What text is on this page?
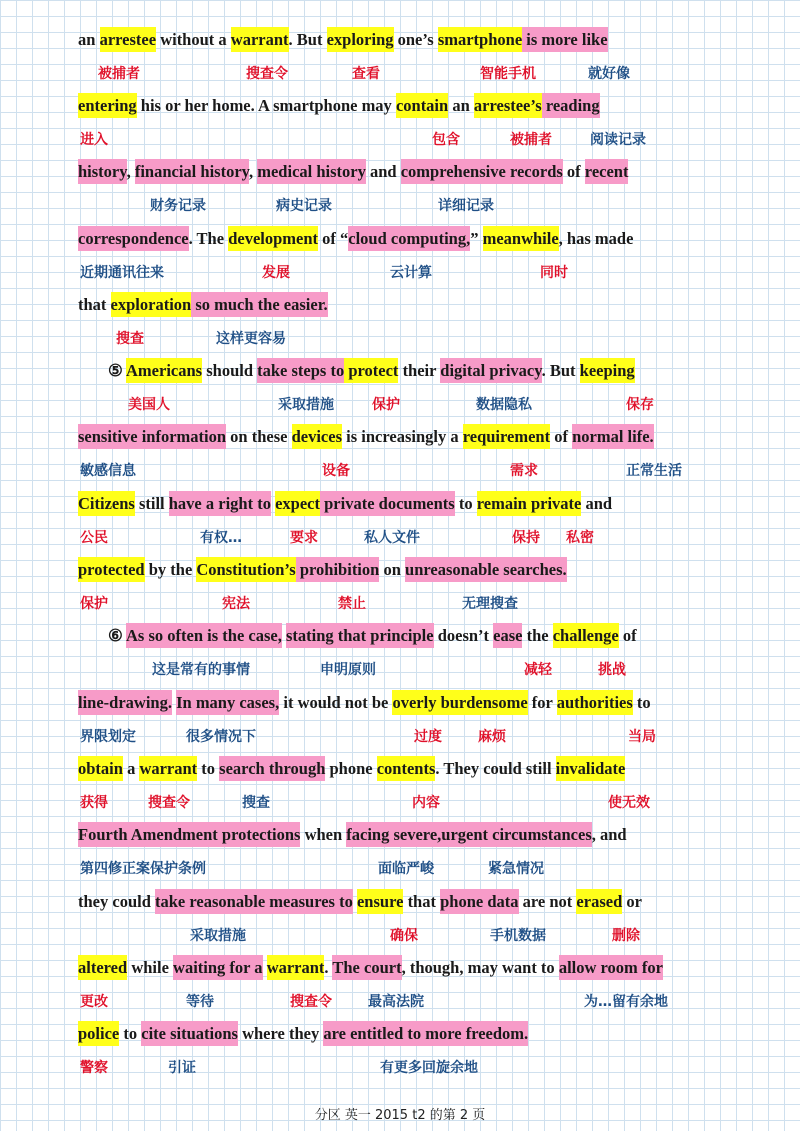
an arrestee without a warrant. But exploring one’s smartphone is more like
被捕者	搜查令	查看	智能手机	就好像
entering his or her home. A smartphone may contain an arrestee’s reading
进入	包含	被捕者	阅读记录
history, financial history, medical history and comprehensive records of recent
财务记录	病史记录	详细记录
correspondence. The development of “cloud computing,” meanwhile, has made
近期通讯往来	发展	云计算	同时
that exploration so much the easier.
搜查	这样更容易
⑤ Americans should take steps to protect their digital privacy. But keeping
美国人	采取措施	保护	数据隐私	保存
sensitive information on these devices is increasingly a requirement of normal life.
敏感信息	设备	需求	正常生活
Citizens still have a right to expect private documents to remain private and
公民	有权…	要求	私人文件	保持 私密
protected by the Constitution’s prohibition on unreasonable searches.
保护	宪法	禁止	无理搜查
⑥ As so often is the case, stating that principle doesn’t ease the challenge of
这是常有的事情	申明原则	减轻	挑战
line-drawing. In many cases, it would not be overly burdensome for authorities to
界限划定	很多情况下	过度	麻烦	当局
obtain a warrant to search through phone contents. They could still invalidate
获得	搜查令	搜查	内容	使无效
Fourth Amendment protections when facing severe,urgent circumstances, and
第四修正案保护条例	面临严峻	紧急情况
they could take reasonable measures to ensure that phone data are not erased or
采取措施	确保	手机数据	删除
altered while waiting for a warrant. The court, though, may want to allow room for
更改	等待	搜查令	最高法院	为…留有余地
police to cite situations where they are entitled to more freedom.
警察	引证	有更多回旋余地
分区 英一 2015 t2 的第 2 页
